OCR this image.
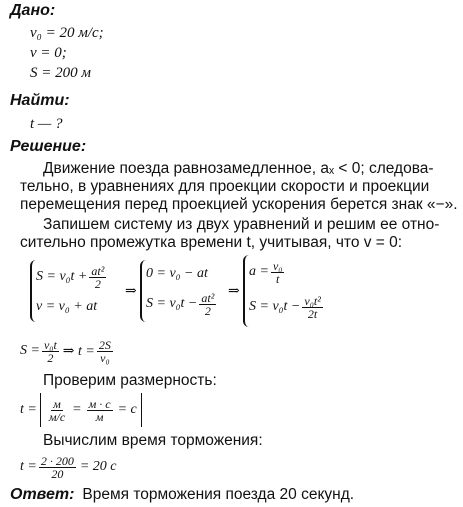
Дано:
v₀ = 20 м/с;
v = 0;
S = 200 м
Найти:
t — ?
Решение:
Движение поезда равнозамедленное, aₓ < 0; следова-
тельно, в уравнениях для проекции скорости и проекции
перемещения перед проекцией ускорения берется знак «−».
Запишем систему из двух уравнений и решим ее отно-
сительно промежутка времени t, учитывая, что v = 0:
$S = v_0t + \frac{\text{at²}}{2}$
v = v₀ + at
⇒
0 = v₀ − at
$S = v_0t - \frac{\text{at²}}{2}$ ⇒
$a = \frac{\text{v₀}}{t}$
$S = v_0t - \frac{\text{v₀t²}}{2t}$
$S = \frac{\text{v₀t}}{2}$ ⇒ $t = \frac{2S}{\text{v₀}}$
Проверим размерность:
$t = \frac{м}{м/с} = \frac{м \cdot с}{м} = с$
Вычислим время торможения:
$t = \frac{2 \cdot 200}{20} = 20$ с
Ответ: Время торможения поезда 20 секунд.
